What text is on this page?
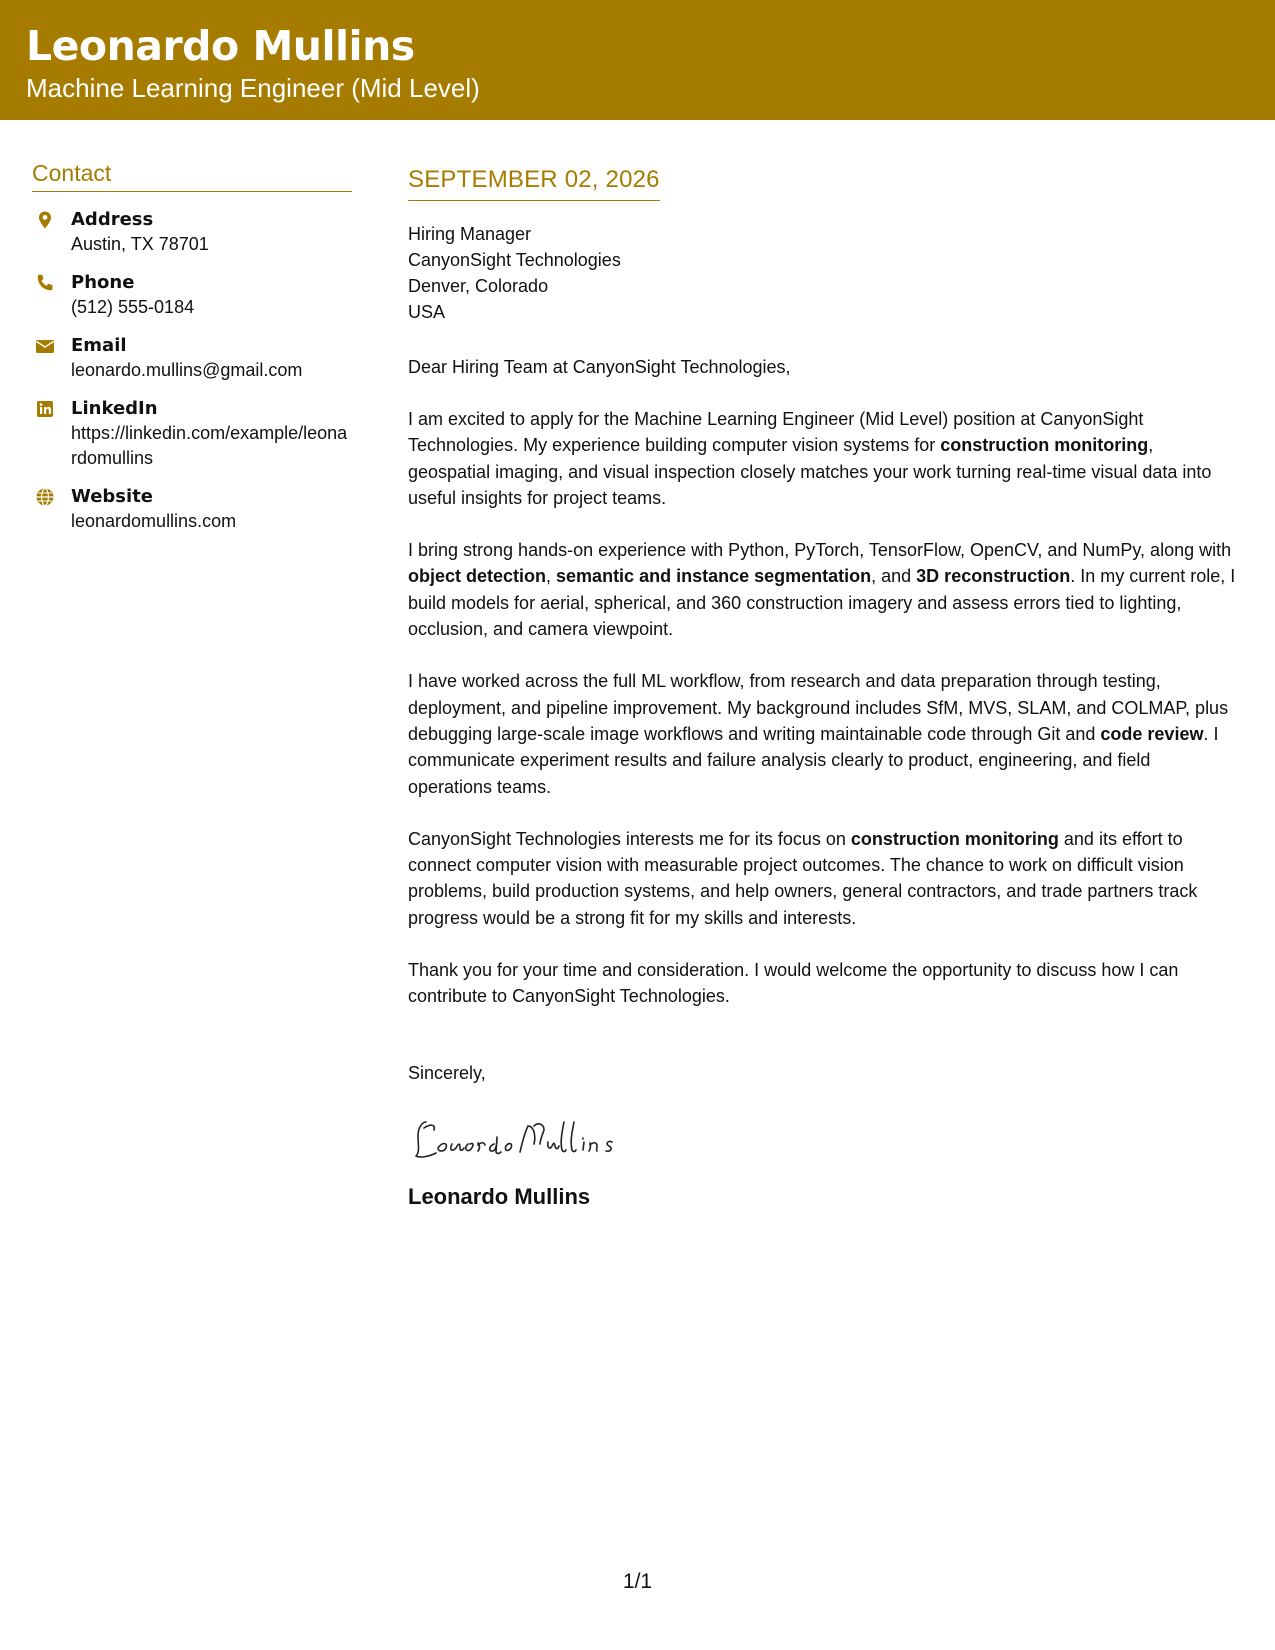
Leonardo Mullins
Machine Learning Engineer (Mid Level)
Contact
Address
Austin, TX 78701
Phone
(512) 555-0184
Email
leonardo.mullins@gmail.com
LinkedIn
https://linkedin.com/example/leonardomullins
Website
leonardomullins.com
SEPTEMBER 02, 2026
Hiring Manager
CanyonSight Technologies
Denver, Colorado
USA
Dear Hiring Team at CanyonSight Technologies,
I am excited to apply for the Machine Learning Engineer (Mid Level) position at CanyonSight Technologies. My experience building computer vision systems for construction monitoring, geospatial imaging, and visual inspection closely matches your work turning real-time visual data into useful insights for project teams.
I bring strong hands-on experience with Python, PyTorch, TensorFlow, OpenCV, and NumPy, along with object detection, semantic and instance segmentation, and 3D reconstruction. In my current role, I build models for aerial, spherical, and 360 construction imagery and assess errors tied to lighting, occlusion, and camera viewpoint.
I have worked across the full ML workflow, from research and data preparation through testing, deployment, and pipeline improvement. My background includes SfM, MVS, SLAM, and COLMAP, plus debugging large-scale image workflows and writing maintainable code through Git and code review. I communicate experiment results and failure analysis clearly to product, engineering, and field operations teams.
CanyonSight Technologies interests me for its focus on construction monitoring and its effort to connect computer vision with measurable project outcomes. The chance to work on difficult vision problems, build production systems, and help owners, general contractors, and trade partners track progress would be a strong fit for my skills and interests.
Thank you for your time and consideration. I would welcome the opportunity to discuss how I can contribute to CanyonSight Technologies.
Sincerely,
Leonardo Mullins
1/1
